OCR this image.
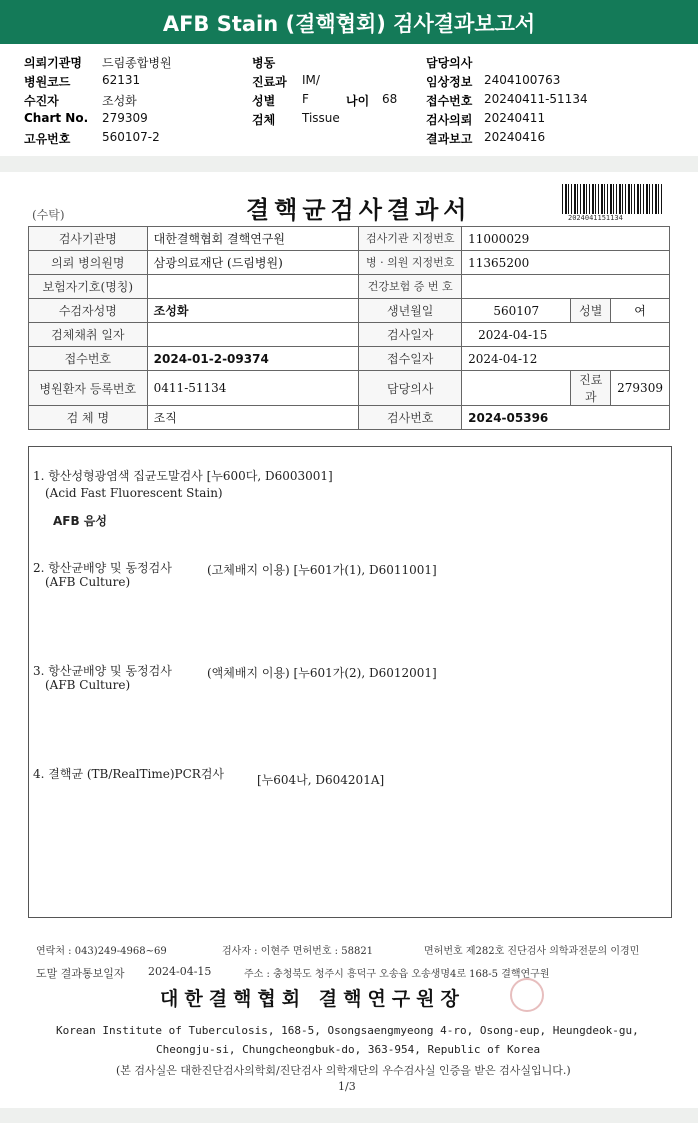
AFB Stain (결핵협회) 검사결과보고서
의뢰기관명 드림종합병원
병원코드	62131
수진자	조성화
Chart No. 279309
고유번호	560107-2
병동
진료과 IM/
성별 F	나이 68
검체 Tissue
담당의사
임상정보 2404100763
접수번호 20240411-51134
검사의뢰 20240411
결과보고 20240416
(수탁)	결핵균검사결과서	2024041151134
검사기관명	대한결핵협회 결핵연구원	검사기관 지정번호	11000029		
의뢰 병의원명	삼광의료재단 (드림병원)	병 · 의원 지정번호	11365200		
보험자기호(명칭)		건강보험 증 번 호			
수검자성명	조성화	생년월일	560107	성별	여
검체채취 일자		검사일자	2024-04-15		
접수번호	2024-01-2-09374	접수일자	2024-04-12		
병원환자 등록번호	0411-51134	담당의사		진료과	279309
검 체 명	조직	검사번호	2024-05396		
1. 항산성형광염색 집균도말검사 [누600다, D6003001]
(Acid Fast Fluorescent Stain)
AFB 음성
2. 항산균배양 및 동정검사	(고체배지 이용) [누601가(1), D6011001]
(AFB Culture)
3. 항산균배양 및 동정검사	(액체배지 이용) [누601가(2), D6012001]
(AFB Culture)
4. 결핵균 (TB/RealTime)PCR검사	[누604나, D604201A]
연락처 : 043)249-4968~69	검사자 : 이현주 면허번호 : 58821	면허번호 제282호 진단검사 의학과전문의 이경민
도말 결과통보일자 2024-04-15	주소 : 충청북도 청주시 흥덕구 오송읍 오송생명4로 168-5 결핵연구원
대한결핵협회 결핵연구원장
Korean Institute of Tuberculosis, 168-5, Osongsaengmyeong 4-ro, Osong-eup, Heungdeok-gu,
Cheongju-si, Chungcheongbuk-do, 363-954, Republic of Korea
(본 검사실은 대한진단검사의학회/진단검사 의학재단의 우수검사실 인증을 받은 검사실입니다.)
1/3
